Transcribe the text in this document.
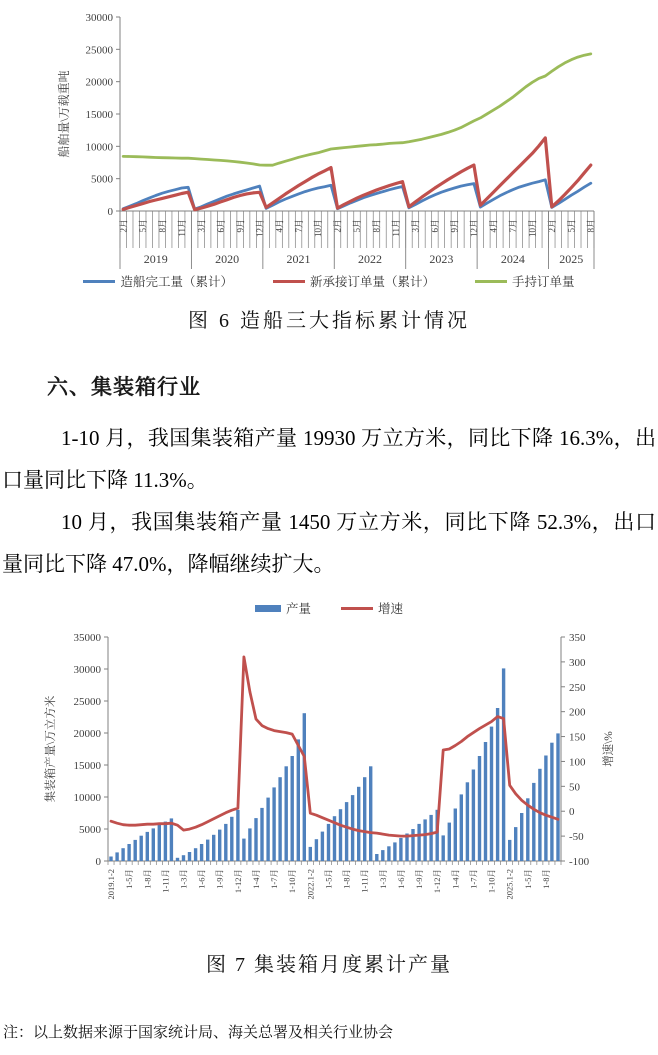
0
5000
10000
15000
20000
25000
30000
2月 5月 8月 11月 3月 6月 9月 12月 4月 7月 10月 2月 5月 8月 11月 3月 6月 9月 12月 4月 7月 10月 2月 5月 8月
2019	2020	2021	2022	2023	2024	2025
船舶量\万载重吨
造船完工量（累计）	新承接订单量（累计）	手持订单量
图 6 造船三大指标累计情况
六、集装箱行业

1-10 月，我国集装箱产量 19930 万立方米，同比下降 16.3%，出口量同比下降 11.3%。

10 月，我国集装箱产量 1450 万立方米，同比下降 52.3%，出口量同比下降 47.0%，降幅继续扩大。

产量	增速
0
5000
10000
15000
20000
25000
30000
35000
-100
-50
0
50
100
150
200
250
300
350
2019.1-2 1-5月 1-8月 1-11月 1-3月 1-6月 1-9月 1-12月 1-4月 1-7月 1-10月 2022.1-2 1-5月 1-8月 1-11月 1-3月 1-6月 1-9月 1-12月 1-4月 1-7月 1-10月 2025.1-2 1-5月 1-8月
集装箱产量\万立方米	增速\%
图 7 集装箱月度累计产量
注：以上数据来源于国家统计局、海关总署及相关行业协会
